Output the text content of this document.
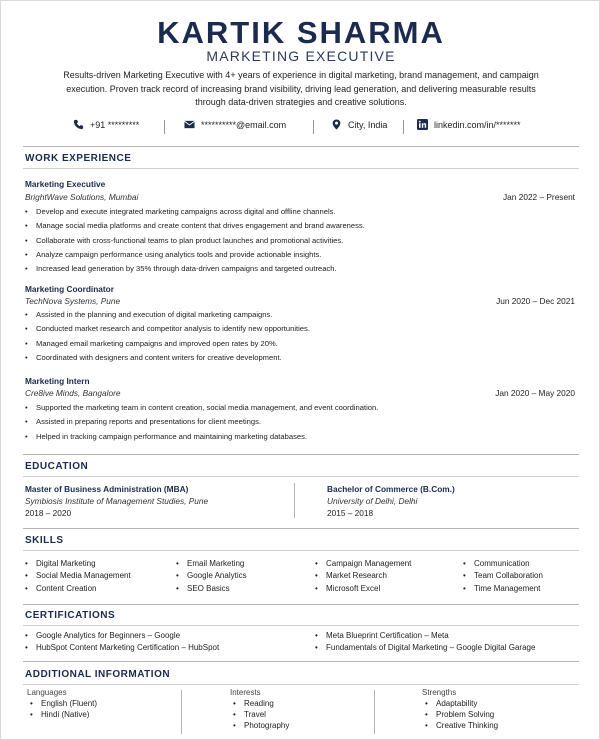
KARTIK SHARMA
MARKETING EXECUTIVE
Results-driven Marketing Executive with 4+ years of experience in digital marketing, brand management, and campaign execution. Proven track record of increasing brand visibility, driving lead generation, and delivering measurable results through data-driven strategies and creative solutions.
+91 *********	**********@email.com	City, India	linkedin.com/in/*******
WORK EXPERIENCE
Marketing Executive
BrightWave Solutions, Mumbai	Jan 2022 – Present
• Develop and execute integrated marketing campaigns across digital and offline channels.
• Manage social media platforms and create content that drives engagement and brand awareness.
• Collaborate with cross-functional teams to plan product launches and promotional activities.
• Analyze campaign performance using analytics tools and provide actionable insights.
• Increased lead generation by 35% through data-driven campaigns and targeted outreach.
Marketing Coordinator
TechNova Systems, Pune	Jun 2020 – Dec 2021
• Assisted in the planning and execution of digital marketing campaigns.
• Conducted market research and competitor analysis to identify new opportunities.
• Managed email marketing campaigns and improved open rates by 20%.
• Coordinated with designers and content writers for creative development.
Marketing Intern
Cre8ive Minds, Bangalore	Jan 2020 – May 2020
• Supported the marketing team in content creation, social media management, and event coordination.
• Assisted in preparing reports and presentations for client meetings.
• Helped in tracking campaign performance and maintaining marketing databases.
EDUCATION
Master of Business Administration (MBA)
Symbiosis Institute of Management Studies, Pune
2018 – 2020
Bachelor of Commerce (B.Com.)
University of Delhi, Delhi
2015 – 2018
SKILLS
• Digital Marketing
• Social Media Management
• Content Creation
• Email Marketing
• Google Analytics
• SEO Basics
• Campaign Management
• Market Research
• Microsoft Excel
• Communication
• Team Collaboration
• Time Management
CERTIFICATIONS
• Google Analytics for Beginners – Google
• HubSpot Content Marketing Certification – HubSpot
• Meta Blueprint Certification – Meta
• Fundamentals of Digital Marketing – Google Digital Garage
ADDITIONAL INFORMATION
Languages
• English (Fluent)
• Hindi (Native)
Interests
• Reading
• Travel
• Photography
Strengths
• Adaptability
• Problem Solving
• Creative Thinking
